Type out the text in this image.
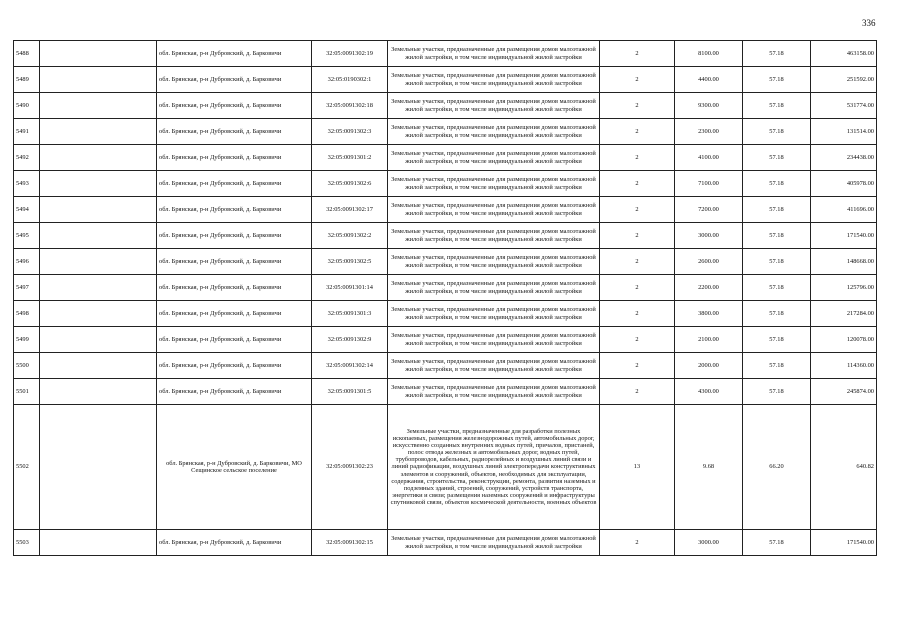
336
5488		обл. Брянская, р-н Дубровский, д. Барковичи	32:05:0091302:19	Земельные участки, предназначенные для размещения домов малоэтажной жилой застройки, в том числе индивидуальной жилой застройки	2	8100.00	57.18	463158.00
5489		обл. Брянская, р-н Дубровский, д. Барковичи	32:05:0190302:1	Земельные участки, предназначенные для размещения домов малоэтажной жилой застройки, в том числе индивидуальной жилой застройки	2	4400.00	57.18	251592.00
5490		обл. Брянская, р-н Дубровский, д. Барковичи	32:05:0091302:18	Земельные участки, предназначенные для размещения домов малоэтажной жилой застройки, в том числе индивидуальной жилой застройки	2	9300.00	57.18	531774.00
5491		обл. Брянская, р-н Дубровский, д. Барковичи	32:05:0091302:3	Земельные участки, предназначенные для размещения домов малоэтажной жилой застройки, в том числе индивидуальной жилой застройки	2	2300.00	57.18	131514.00
5492		обл. Брянская, р-н Дубровский, д. Барковичи	32:05:0091301:2	Земельные участки, предназначенные для размещения домов малоэтажной жилой застройки, в том числе индивидуальной жилой застройки	2	4100.00	57.18	234438.00
5493		обл. Брянская, р-н Дубровский, д. Барковичи	32:05:0091302:6	Земельные участки, предназначенные для размещения домов малоэтажной жилой застройки, в том числе индивидуальной жилой застройки	2	7100.00	57.18	405978.00
5494		обл. Брянская, р-н Дубровский, д. Барковичи	32:05:0091302:17	Земельные участки, предназначенные для размещения домов малоэтажной жилой застройки, в том числе индивидуальной жилой застройки	2	7200.00	57.18	411696.00
5495		обл. Брянская, р-н Дубровский, д. Барковичи	32:05:0091302:2	Земельные участки, предназначенные для размещения домов малоэтажной жилой застройки, в том числе индивидуальной жилой застройки	2	3000.00	57.18	171540.00
5496		обл. Брянская, р-н Дубровский, д. Барковичи	32:05:0091302:5	Земельные участки, предназначенные для размещения домов малоэтажной жилой застройки, в том числе индивидуальной жилой застройки	2	2600.00	57.18	148668.00
5497		обл. Брянская, р-н Дубровский, д. Барковичи	32:05:0091301:14	Земельные участки, предназначенные для размещения домов малоэтажной жилой застройки, в том числе индивидуальной жилой застройки	2	2200.00	57.18	125796.00
5498		обл. Брянская, р-н Дубровский, д. Барковичи	32:05:0091301:3	Земельные участки, предназначенные для размещения домов малоэтажной жилой застройки, в том числе индивидуальной жилой застройки	2	3800.00	57.18	217284.00
5499		обл. Брянская, р-н Дубровский, д. Барковичи	32:05:0091302:9	Земельные участки, предназначенные для размещения домов малоэтажной жилой застройки, в том числе индивидуальной жилой застройки	2	2100.00	57.18	120078.00
5500		обл. Брянская, р-н Дубровский, д. Барковичи	32:05:0091302:14	Земельные участки, предназначенные для размещения домов малоэтажной жилой застройки, в том числе индивидуальной жилой застройки	2	2000.00	57.18	114360.00
5501		обл. Брянская, р-н Дубровский, д. Барковичи	32:05:0091301:5	Земельные участки, предназначенные для размещения домов малоэтажной жилой застройки, в том числе индивидуальной жилой застройки	2	4300.00	57.18	245874.00
5502		обл. Брянская, р-н Дубровский, д. Барковичи, МО Сещинское сельское поселение	32:05:0091302:23	Земельные участки, предназначенные для разработки полезных ископаемых, размещения железнодорожных путей, автомобильных дорог, искусственно созданных внутренних водных путей, причалов, пристаней, полос отвода железных и автомобильных дорог, водных путей, трубопроводов, кабельных, радиорелейных и воздушных линий связи и линий радиофикации, воздушных линий электропередачи конструктивных элементов и сооружений, объектов, необходимых для эксплуатации, содержания, строительства, реконструкции, ремонта, развития наземных и подземных зданий, строений, сооружений, устройств транспорта, энергетики и связи; размещения наземных сооружений и инфраструктуры спутниковой связи, объектов космической деятельности, военных объектов	13	9.68	66.20	640.82
5503		обл. Брянская, р-н Дубровский, д. Барковичи	32:05:0091302:15	Земельные участки, предназначенные для размещения домов малоэтажной жилой застройки, в том числе индивидуальной жилой застройки	2	3000.00	57.18	171540.00
